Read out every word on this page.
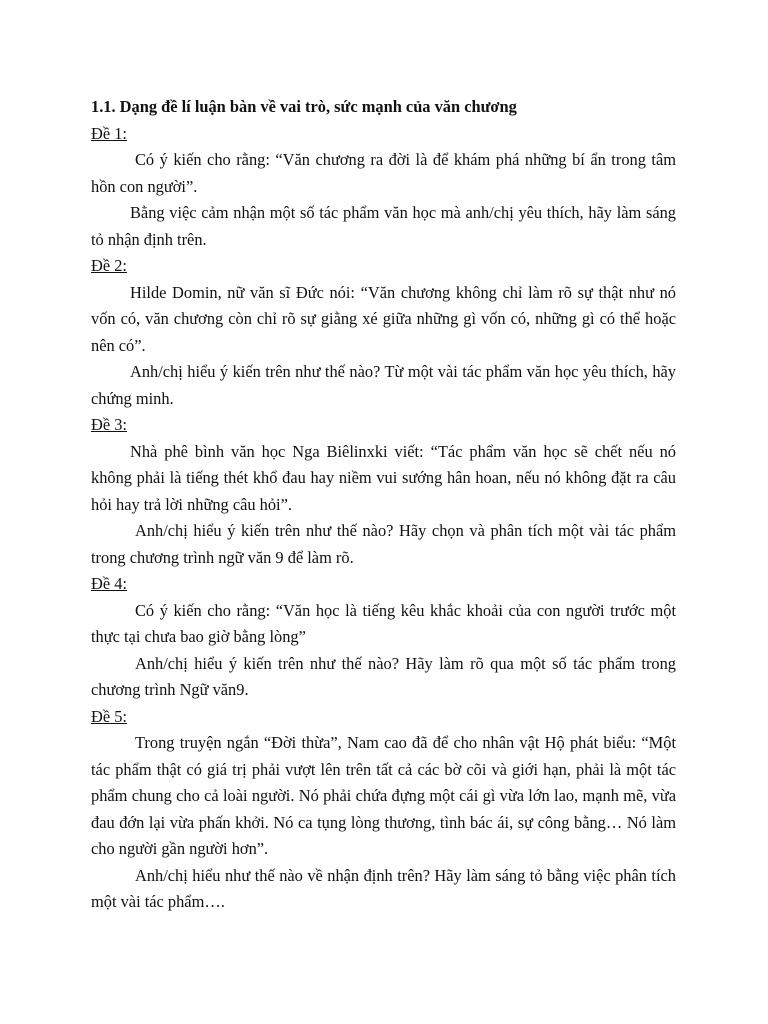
1.1. Dạng đề lí luận bàn về vai trò, sức mạnh của văn chương

Đề 1:

Có ý kiến cho rằng: “Văn chương ra đời là để khám phá những bí ẩn trong tâm hồn con người”.

Bằng việc cảm nhận một số tác phẩm văn học mà anh/chị yêu thích, hãy làm sáng tỏ nhận định trên.

Đề 2:

Hilde Domin, nữ văn sĩ Đức nói: “Văn chương không chỉ làm rõ sự thật như nó vốn có, văn chương còn chỉ rõ sự giằng xé giữa những gì vốn có, những gì có thể hoặc nên có”.

Anh/chị hiểu ý kiến trên như thế nào? Từ một vài tác phẩm văn học yêu thích, hãy chứng minh.

Đề 3:

Nhà phê bình văn học Nga Biêlinxki viết: “Tác phẩm văn học sẽ chết nếu nó không phải là tiếng thét khổ đau hay niềm vui sướng hân hoan, nếu nó không đặt ra câu hỏi hay trả lời những câu hỏi”.

Anh/chị hiểu ý kiến trên như thế nào? Hãy chọn và phân tích một vài tác phẩm trong chương trình ngữ văn 9 để làm rõ.

Đề 4:

Có ý kiến cho rằng: “Văn học là tiếng kêu khắc khoải của con người trước một thực tại chưa bao giờ bằng lòng”

Anh/chị hiểu ý kiến trên như thế nào? Hãy làm rõ qua một số tác phẩm trong chương trình Ngữ văn9.

Đề 5:

Trong truyện ngắn “Đời thừa”, Nam cao đã để cho nhân vật Hộ phát biểu: “Một tác phẩm thật có giá trị phải vượt lên trên tất cả các bờ cõi và giới hạn, phải là một tác phẩm chung cho cả loài người. Nó phải chứa đựng một cái gì vừa lớn lao, mạnh mẽ, vừa đau đớn lại vừa phấn khởi. Nó ca tụng lòng thương, tình bác ái, sự công bằng… Nó làm cho người gần người hơn”.

Anh/chị hiểu như thế nào về nhận định trên? Hãy làm sáng tỏ bằng việc phân tích một vài tác phẩm….
